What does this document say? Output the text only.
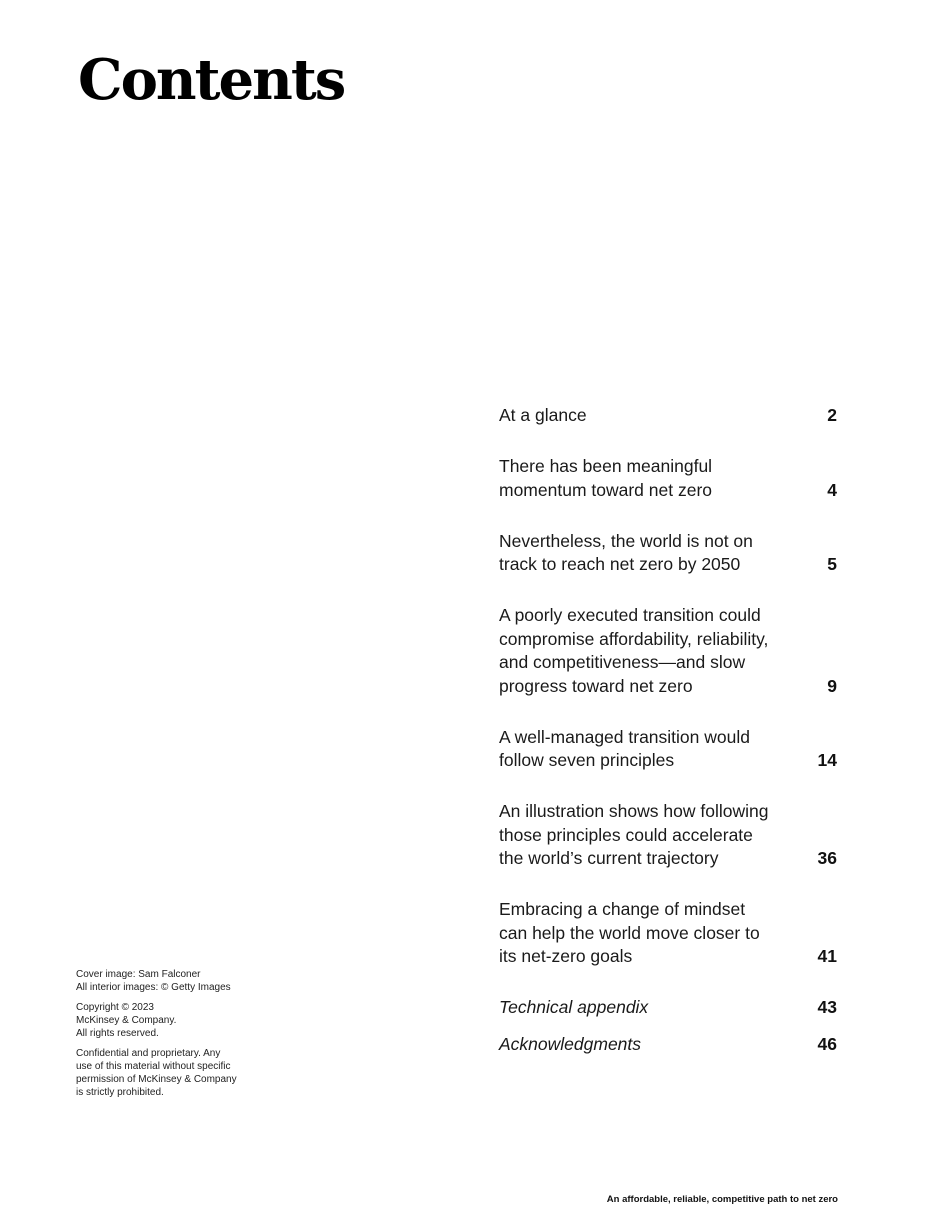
Contents
At a glance	2
There has been meaningful
momentum toward net zero	4
Nevertheless, the world is not on
track to reach net zero by 2050	5
A poorly executed transition could
compromise affordability, reliability,
and competitiveness—and slow
progress toward net zero	9
A well-managed transition would
follow seven principles	14
An illustration shows how following
those principles could accelerate
the world’s current trajectory	36
Embracing a change of mindset
can help the world move closer to
its net-zero goals	41
Technical appendix	43
Acknowledgments	46

Cover image: Sam Falconer
All interior images: © Getty Images

Copyright © 2023
McKinsey & Company.
All rights reserved.

Confidential and proprietary. Any
use of this material without specific
permission of McKinsey & Company
is strictly prohibited.

An affordable, reliable, competitive path to net zero
